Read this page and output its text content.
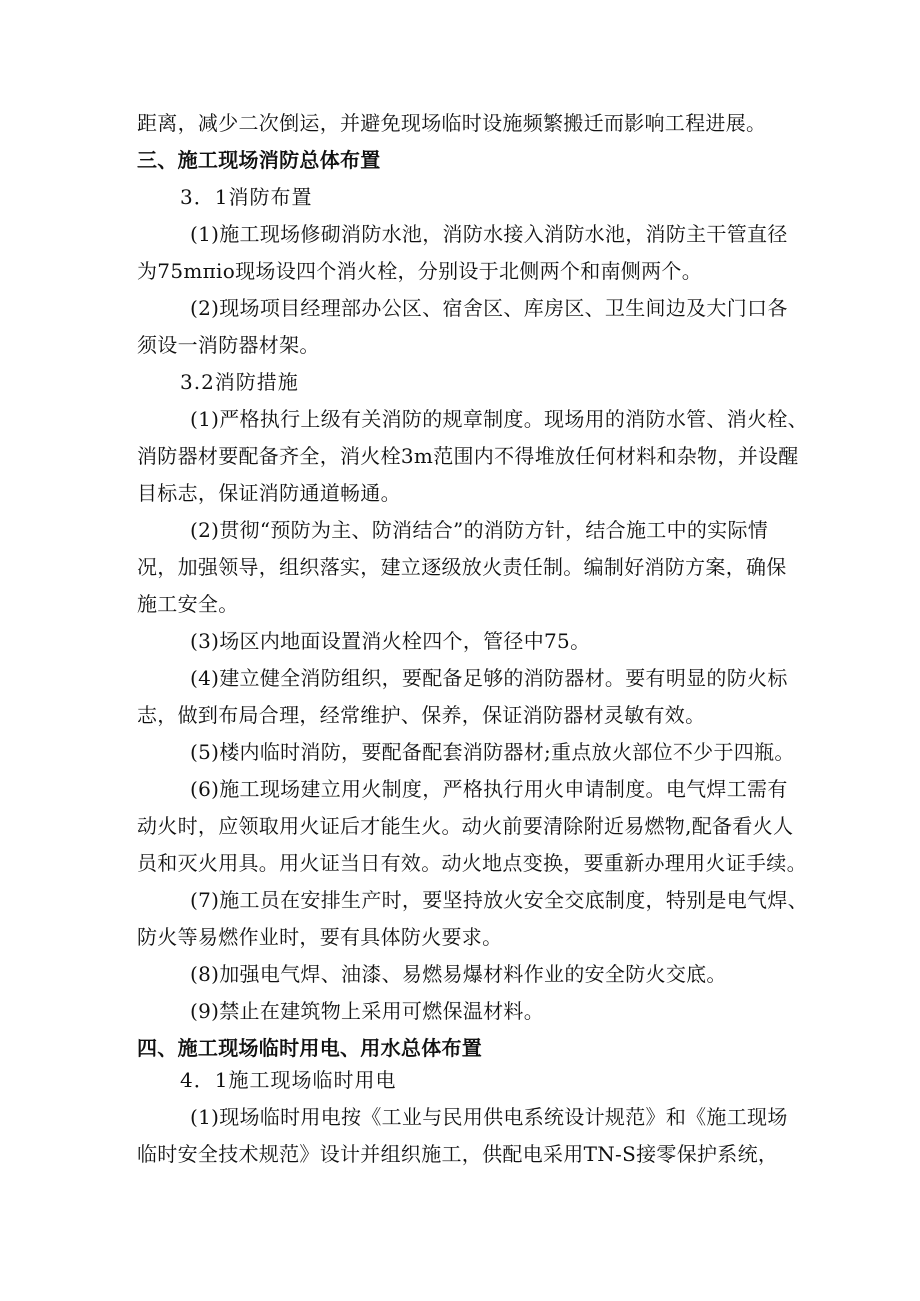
距离，减少二次倒运，并避免现场临时设施频繁搬迁而影响工程进展。

三、施工现场消防总体布置

3．1消防布置

(1)施工现场修砌消防水池，消防水接入消防水池，消防主干管直径

为75mπio现场设四个消火栓，分别设于北侧两个和南侧两个。

(2)现场项目经理部办公区、宿舍区、库房区、卫生间边及大门口各

须设一消防器材架。

3.2消防措施

(1)严格执行上级有关消防的规章制度。现场用的消防水管、消火栓、

消防器材要配备齐全，消火栓3m范围内不得堆放任何材料和杂物，并设醒

目标志，保证消防通道畅通。

(2)贯彻“预防为主、防消结合”的消防方针，结合施工中的实际情

况，加强领导，组织落实，建立逐级放火责任制。编制好消防方案，确保

施工安全。

(3)场区内地面设置消火栓四个，管径中75。

(4)建立健全消防组织，要配备足够的消防器材。要有明显的防火标

志，做到布局合理，经常维护、保养，保证消防器材灵敏有效。

(5)楼内临时消防，要配备配套消防器材;重点放火部位不少于四瓶。

(6)施工现场建立用火制度，严格执行用火申请制度。电气焊工需有

动火时，应领取用火证后才能生火。动火前要清除附近易燃物,配备看火人

员和灭火用具。用火证当日有效。动火地点变换，要重新办理用火证手续。

(7)施工员在安排生产时，要坚持放火安全交底制度，特别是电气焊、

防火等易燃作业时，要有具体防火要求。

(8)加强电气焊、油漆、易燃易爆材料作业的安全防火交底。

(9)禁止在建筑物上采用可燃保温材料。

四、施工现场临时用电、用水总体布置

4．1施工现场临时用电

(1)现场临时用电按《工业与民用供电系统设计规范》和《施工现场

临时安全技术规范》设计并组织施工，供配电采用TN-S接零保护系统，
